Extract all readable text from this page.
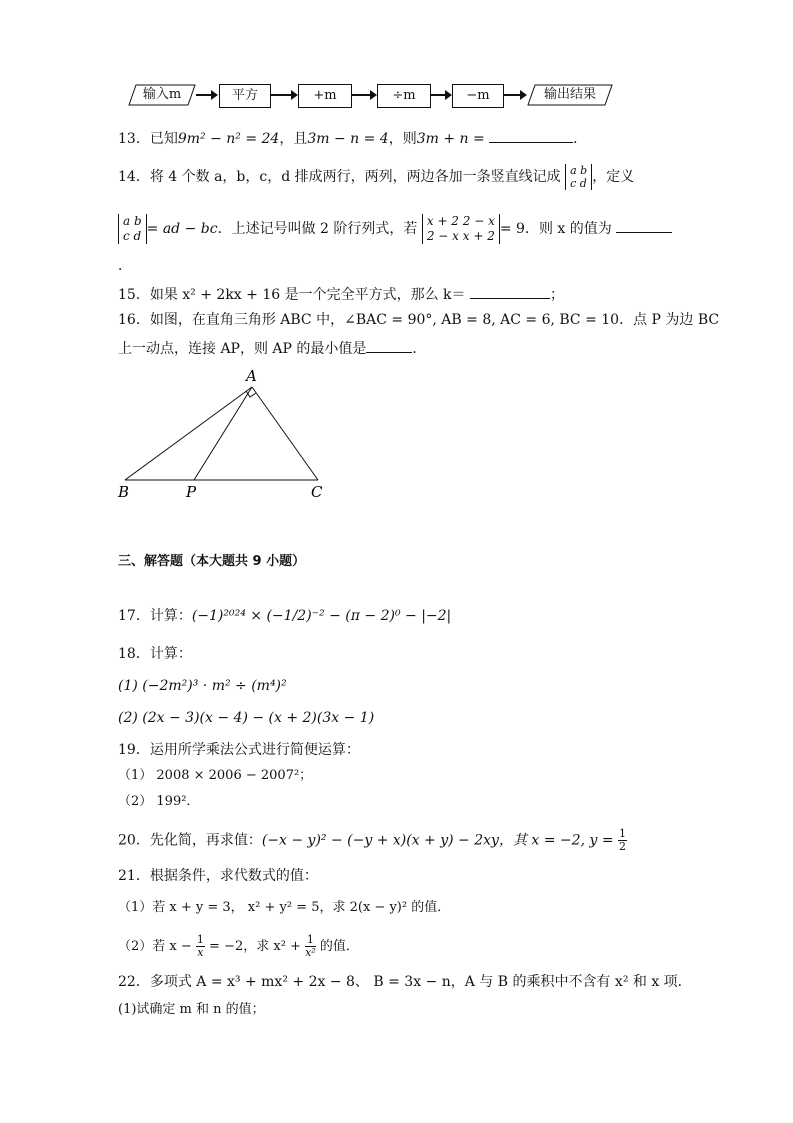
输入m	平方	+m	÷m	−m	输出结果
13．已知9m² − n² = 24，且3m − n = 4，则3m + n =	．
14．将 4 个数 a，b，c，d 排成两行，两列，两边各加一条竖直线记成 a b
c d ，定义
a b
c d = ad − bc．上述记号叫做 2 阶行列式，若 x + 2 2 − x
2 − x x + 2 = 9．则 x 的值为
．
15．如果 x² + 2kx + 16 是一个完全平方式，那么 k＝	；
16．如图，在直角三角形 ABC 中，∠BAC = 90°, AB = 8, AC = 6, BC = 10．点 P 为边 BC
上一动点，连接 AP，则 AP 的最小值是	．
A
B	P	C
三、解答题（本大题共 9 小题）
17．计算：(−1)²⁰²⁴ × (−1/2)⁻² − (π − 2)⁰ − |−2|
18．计算：
(1) (−2m²)³ · m² ÷ (m⁴)²
(2) (2x − 3)(x − 4) − (x + 2)(3x − 1)
19．运用所学乘法公式进行简便运算：
（1） 2008 × 2006 − 2007²；
（2） 199²．
20．先化简，再求值：(−x − y)² − (−y + x)(x + y) − 2xy，其 x = −2, $y = \frac{1}{2}$
21．根据条件，求代数式的值：
（1）若 x + y = 3， x² + y² = 5，求 2(x − y)² 的值．
（2）若 $x - \frac{1}{x} = -2$，求 $x^2 + \frac{1}{\text{x²}}$ 的值．
22．多项式 A = x³ + mx² + 2x − 8、 B = 3x − n，A 与 B 的乘积中不含有 x² 和 x 项．
(1)试确定 m 和 n 的值；
